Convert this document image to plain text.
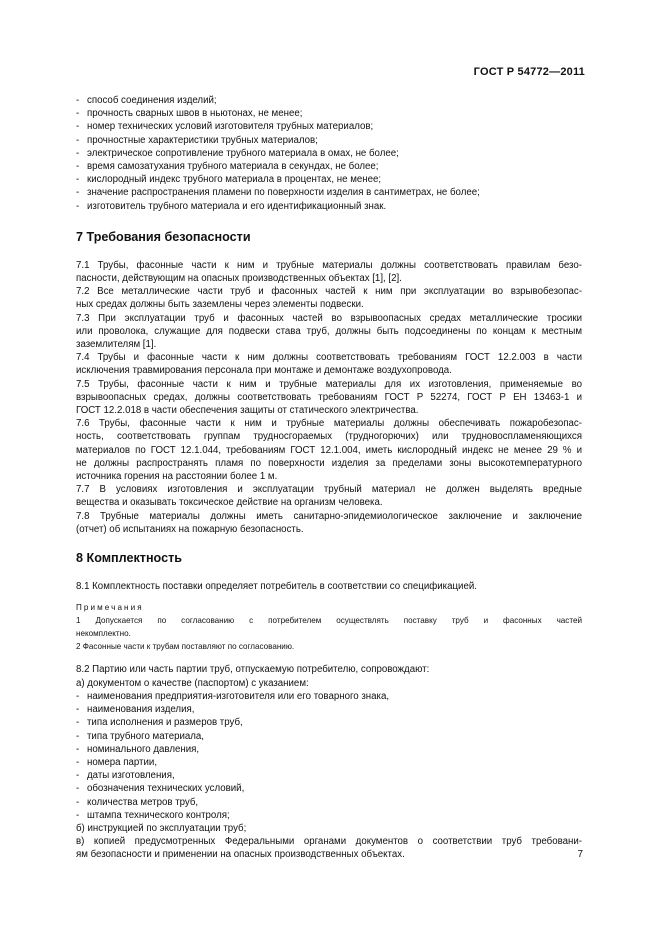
ГОСТ Р 54772—2011
- способ соединения изделий;
- прочность сварных швов в ньютонах, не менее;
- номер технических условий изготовителя трубных материалов;
- прочностные характеристики трубных материалов;
- электрическое сопротивление трубного материала в омах, не более;
- время самозатухания трубного материала в секундах, не более;
- кислородный индекс трубного материала в процентах, не менее;
- значение распространения пламени по поверхности изделия в сантиметрах, не более;
- изготовитель трубного материала и его идентификационный знак.
7 Требования безопасности
7.1 Трубы, фасонные части к ним и трубные материалы должны соответствовать правилам безо-
пасности, действующим на опасных производственных объектах [1], [2].
7.2 Все металлические части труб и фасонных частей к ним при эксплуатации во взрывобезопас-
ных средах должны быть заземлены через элементы подвески.
7.3 При эксплуатации труб и фасонных частей во взрывоопасных средах металлические тросики
или проволока, служащие для подвески става труб, должны быть подсоединены по концам к местным
заземлителям [1].
7.4 Трубы и фасонные части к ним должны соответствовать требованиям ГОСТ 12.2.003 в части
исключения травмирования персонала при монтаже и демонтаже воздухопровода.
7.5 Трубы, фасонные части к ним и трубные материалы для их изготовления, применяемые во
взрывоопасных средах, должны соответствовать требованиям ГОСТ Р 52274, ГОСТ Р ЕН 13463-1 и
ГОСТ 12.2.018 в части обеспечения защиты от статического электричества.
7.6 Трубы, фасонные части к ним и трубные материалы должны обеспечивать пожаробезопас-
ность, соответствовать группам трудносгораемых (трудногорючих) или трудновоспламеняющихся
материалов по ГОСТ 12.1.044, требованиям ГОСТ 12.1.004, иметь кислородный индекс не менее 29 % и
не должны распространять пламя по поверхности изделия за пределами зоны высокотемпературного
источника горения на расстоянии более 1 м.
7.7 В условиях изготовления и эксплуатации трубный материал не должен выделять вредные
вещества и оказывать токсическое действие на организм человека.
7.8 Трубные материалы должны иметь санитарно-эпидемиологическое заключение и заключение
(отчет) об испытаниях на пожарную безопасность.
8 Комплектность

8.1 Комплектность поставки определяет потребитель в соответствии со спецификацией.

Примечания
1 Допускается по согласованию с потребителем осуществлять поставку труб и фасонных частей
некомплектно.
2 Фасонные части к трубам поставляют по согласованию.

8.2 Партию или часть партии труб, отпускаемую потребителю, сопровождают:

а) документом о качестве (паспортом) с указанием:

- наименования предприятия-изготовителя или его товарного знака,
- наименования изделия,
- типа исполнения и размеров труб,
- типа трубного материала,
- номинального давления,
- номера партии,
- даты изготовления,
- обозначения технических условий,
- количества метров труб,
- штампа технического контроля;

б) инструкцией по эксплуатации труб;

в) копией предусмотренных Федеральными органами документов о соответствии труб требовани-
ям безопасности и применении на опасных производственных объектах.	7
